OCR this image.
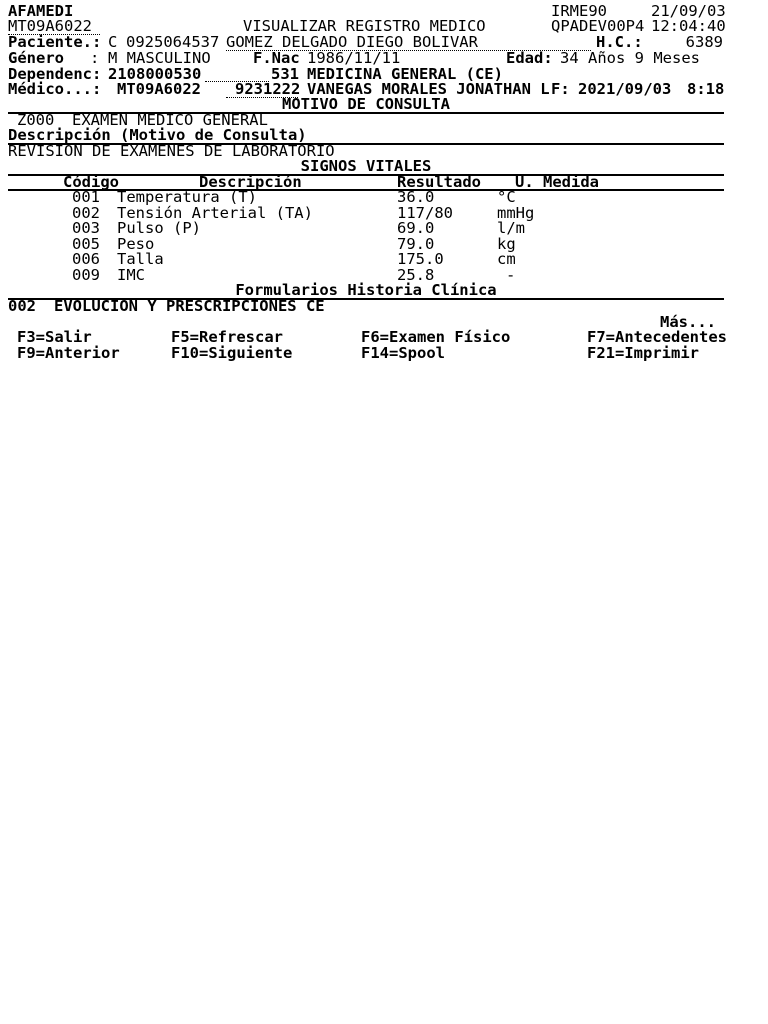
AFAMEDI	IRME90	21/09/03
MT09A6022	VISUALIZAR REGISTRO MEDICO	QPADEV00P4 12:04:40
Paciente.: C 0925064537 GOMEZ DELGADO DIEGO BOLIVAR	H.C.:	6389
Género : M MASCULINO	F.Nac 1986/11/11	Edad: 34 Años 9 Meses
Dependenc: 2108000530	531 MEDICINA GENERAL (CE)
Médico...: MT09A6022	9231222 VANEGAS MORALES JONATHAN L F: 2021/09/03 8:18
MOTIVO DE CONSULTA
Z000 EXAMEN MEDICO GENERAL
Descripción (Motivo de Consulta)
REVISION DE EXAMENES DE LABORATORIO
SIGNOS VITALES
Código	Descripción	Resultado U. Medida
001 Temperatura (T)	36.0	°C
002 Tensión Arterial (TA)	117/80	mmHg
003 Pulso (P)	69.0	l/m
005 Peso	79.0	kg
006 Talla	175.0	cm
009 IMC	25.8	-
Formularios Historia Clínica
002 EVOLUCION Y PRESCRIPCIONES CE
Más...
F3=Salir	F5=Refrescar	F6=Examen Físico	F7=Antecedentes
F9=Anterior	F10=Siguiente	F14=Spool	F21=Imprimir
